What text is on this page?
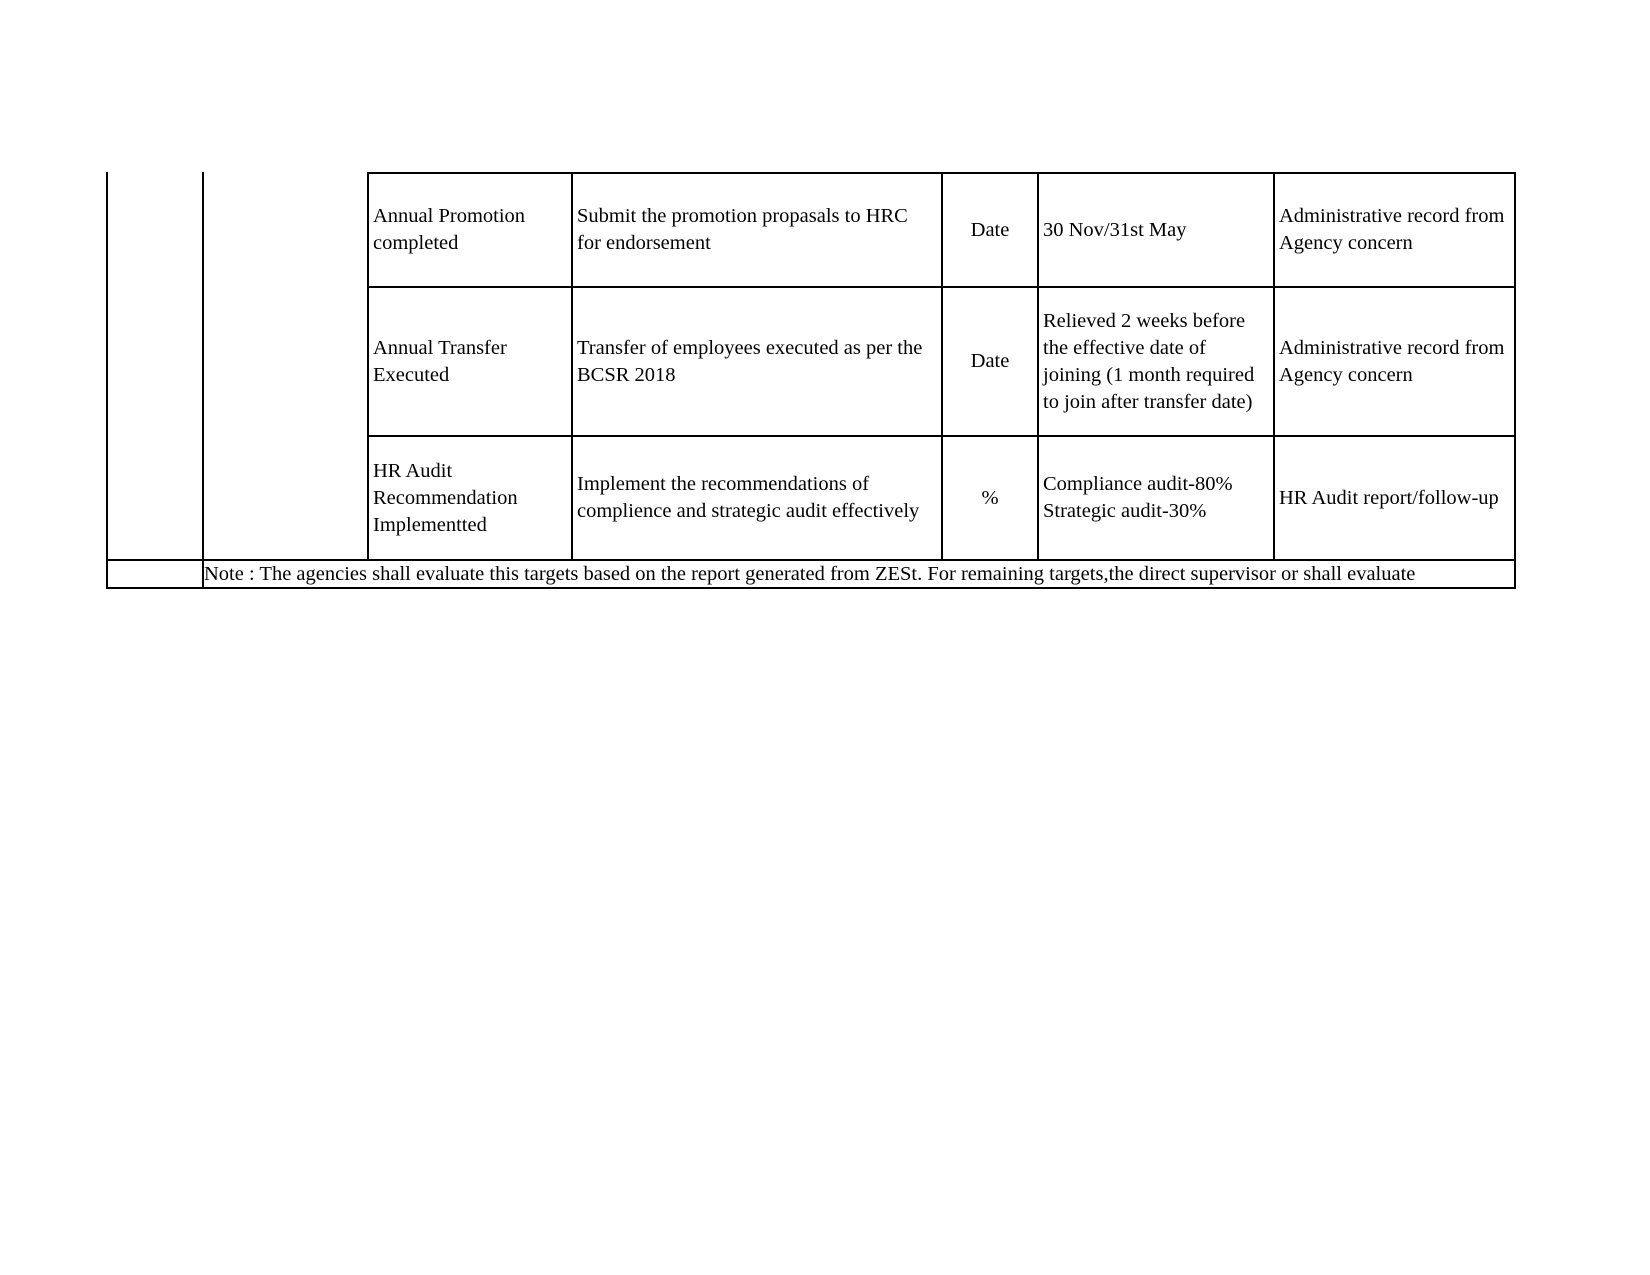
Annual Promotion
completed
Submit the promotion propasals to HRC
for endorsement
Date	30 Nov/31st May
Administrative record from
Agency concern
Annual Transfer
Executed
Transfer of employees executed as per the
BCSR 2018
Date
Relieved 2 weeks before
the effective date of
joining (1 month required
to join after transfer date)
Administrative record from
Agency concern
HR Audit
Recommendation
Implementted
Implement the recommendations of
complience and strategic audit effectively
%
Compliance audit-80%
Strategic audit-30%
HR Audit report/follow-up
Note : The agencies shall evaluate this targets based on the report generated from ZESt. For remaining targets,the direct supervisor or shall evaluate
